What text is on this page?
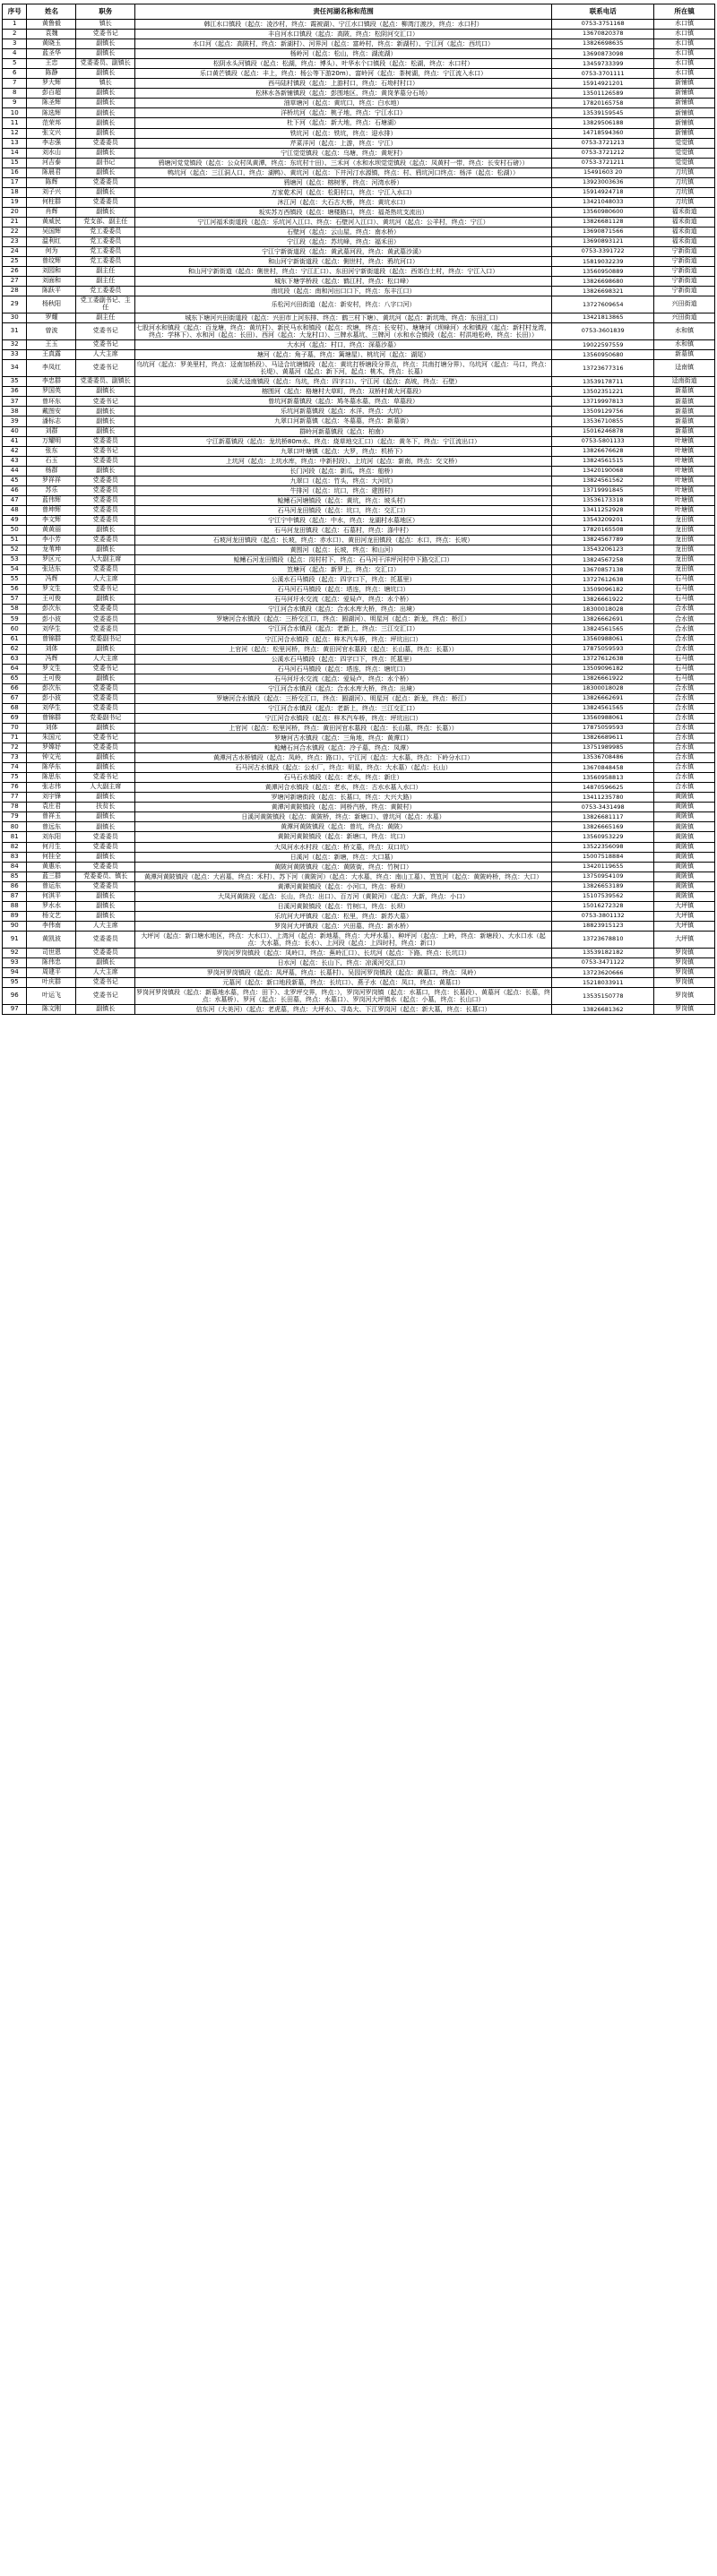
序号	姓名	职务	责任河湖名称和范围	联系电话	所在镇
1	黄鲁毅	镇长	韩江水口镇段（起点：凌沙村，终点：霞被湖）、宁江水口镇段（起点：柳湾汀渡沙，终点：水口村）	0753-3751168	水口镇
2	袁魏	党委书记	丰自河水口镇段（起点：高陂，终点：松阴河交汇口）	13670820378	水口镇
3	黄晓玉	副镇长	水口河（起点：高陂村，终点：新湖村）、河界河（起点：富岭村，终点：新湖村）、宁江河（起点：西坑口）	13826698635	水口镇
4	蓝圣华	副镇长	杨岭河（起点：松山，终点：湖流湖）	13690873098	水口镇
5	王忠	党委委员、副镇长	松阴水头河镇段（起点：松湖，终点：博头）、叶华水个口镇段（起点：松湖，终点：水口村）	13459733399	水口镇
6	陈静	副镇长	乐口黄芒镇段（起点：丰上，终点：杨公等下游20m）、富岭河（起点：茶树湖，终点：宁江流入水口）	0753-3701111	水口镇
7	罗大辉	镇长	西马陆村镇段（起点：上游村口，终点：石坳村村口）	15914921201	新铺镇
8	彭百超	副镇长	松林水各新铺镇段（起点：彭围地区，终点：黄岗茅墓分石场）	13501126589	新铺镇
9	陈圣辉	副镇长	油草塘河（起点：黄坑口，终点：白水地）	17820165758	新铺镇
10	陈选辉	副镇长	洋桥坑河（起点：桃子地，终点：宁江水口）	13539159545	新铺镇
11	范荣邦	副镇长	杜下河（起点：新大地，终点：石塘湖）	13829506188	新铺镇
12	张文兴	副镇长	铁坑河（起点：铁坑，终点：迎水排）	14718594360	新铺镇
13	李志强	党委委员	芹菜洋河（起点：上游，终点：宁江）	0753-3721213	觉觉镇
14	刘水山	副镇长	宁江觉觉镇段（起点：乌塘，终点：黄坭村）	0753-3721212	觉觉镇
15	河吉泰	副书记	鸦塘河觉觉镇段（起点：公众村凤黄潭，终点：东坑村十田）、三禾河（水和水坝觉觉镇段（起点：凤黄村一带，终点：长安村石磅））	0753-3721211	觉觉镇
16	陈晨君	副镇长	鸭坑河（起点：三江洞人口，终点：湖鸭）、黄坑河（起点：下井河汀水源镇，终点：村、鸦坑河口终点：杨洋（起点：松湖））	15491603 20	刀坑镇
17	陈辉	党委委员	鸦塘河（起点：榕树茅，终点：河湾水桥）	13923003636	刀坑镇
18	刘子兴	副镇长	万家乾术河（起点：松阳村口，终点：宁江入水口）	15914924718	刀坑镇
19	何柱群	党委委员	沐江河（起点：大石古大桥，终点：黄坑水口）	13421048033	刀坑镇
20	肖辉	副镇长	坂实苏万西镇段（起点：塘楼路口，终点：福尧热坑支流出）	13560980600	福禾街道
21	黄威民	党支部、副主任	宁江河福禾街道段（起点：乐坑河入江口、终点：石壁河入江口）、黄坑河（起点：公羊村，终点：宁江）	13826681128	福禾街道
22	吴国辉	党工委委员	石壁河（起点：云山屋，终点：南水桥）	13690871566	福禾街道
23	温利红	党工委委员	宁江段（起点：苏坑峰，终点：福禾田）	13690893121	福禾街道
24	何为	党工委委员	宁江宁新街道段（起点：黄武墓河段，终点：黄武墓沙溪）	0753-3391722	宁新街道
25	曾纹辉	党工委委员	和山河宁新街道段（起点：側世村，终点：鸦坑河口）	15819032239	宁新街道
26	刘园和	副主任	和山河宁新街道（起点：側世村，终点：宁江汇口）、东田河宁新街道段（起点：西郊白土村，终点：宁江入口）	13560950889	宁新街道
27	刘面和	副主任	城东下塘学桥段（起点：鹤江村，终点：松口峰）	13826698680	宁新街道
28	陈跃平	党工委委员	南坑段（起点：南和河出口口下，终点：东丰江口）	13826698321	宁新街道
29	杨秋阳	党工委副书记、主任	乐松河兴田街道（起点：新安村，终点：八字口河）	13727609654	兴田街道
30	罗耀	副主任	城东下塘河兴田街道段（起点：兴田市上河东排、终点：鹤三村下塘）、黄坑河（起点：新坑坳、终点：东田汇口）	13421813865	兴田街道
31	曾波	党委书记	七股河水和镇段（起点：百龙塘，终点：黄坑村）、新民马水和镇段（起点：坎塘，终点：长安村）、塘塘河（坝峰河）水和镇段（起点：新村村龙湾，终点：学林下）、水和河（起点：长田）、西河（起点：大龙村口）、三牌水墓坑、三牌河（水和水合镇段（起点：村洪地松岭，终点：长田））	0753-3601839	水和镇
32	王玉	党委书记	大水河（起点：村口，终点：深墓沙墓）	19022597559	水和镇
33	王真露	人大主席	塘河（起点：角子墓，终点：篱塘屋）、桃坑河（起点：湖尾）	13560950680	新墓镇
34	李凤红	党委书记	乌坑河（起点：罗美里村，终点：迳南加桥段）、马迳合坑塘镇段（起点：黄坑打桥塘段分界点，终点：共南打塘分界）、乌坑河（起点：马口，终点：长堤）、黄墓河（起点：新下河，起点：桃木，终点：长墓）	13723677316	迳南镇
35	李忠群	党委委员、副镇长	公溪大迳南镇段（起点：乌坑，终点：四字口）、宁江河（起点：高坡，终点：石壁）	13539178711	迳南街道
36	罗国英	副镇长	榕围河（起点：格塘村大草町，终点：双桥村黄大河墓段）	13502351221	新墓镇
37	曾环东	党委书记	曾坑河新墓镇段（起点：鸠冬墓水墓，终点：草墓段）	13719997813	新墓镇
38	戴图安	副镇长	乐坑河新墓镇段（起点：水洋，终点：大坑）	13509129756	新墓镇
39	潘标志	副镇长	九翠口河新墓镇（起点：冬墓墓，终点：新墓街）	13536710855	新墓镇
40	刘群	副镇长	群岭河新墓镇段（起点：柏南）	15016246878	新墓镇
41	万耀明	党委委员	宁江新墓镇段（起点：龙坑桥80m水、终点：烧草地交汇口）（起点：黄冬下，终点：宁江流出口）	0753-5801133	叶塘镇
42	张东	党委书记	九翠口叶塘镇（起点：大罗，终点：机桥下）	13826676628	叶塘镇
43	石玉	党委委员	上坑河（起点：上坑水库，终点：中新村段）、上坑河（起点：新南，终点：交文桥）	13824561515	叶塘镇
44	杨群	副镇长	长门河段（起点：新瓜，终点：船桥）	13420190068	叶塘镇
45	罗祥祥	党委委员	九翠口（起点：竹头，终点：大河坑）	13824561562	叶塘镇
46	苏乐	党委委员	牛排河（起点：坑口，终点：建围村）	13719991845	叶塘镇
47	蓝伟辉	党委委员	鲶鳍石河塘镇段（起点：黄坑，终点：坡头村）	13536173318	叶塘镇
48	曾坤辉	党委委员	石马河龙田镇段（起点：坑口，终点：交汇口）	13411252928	叶塘镇
49	李文辉	党委委员	宁江宁中镇段（起点：中水，终点：龙湖村水墓地区）	13543209201	龙田镇
50	黄黄丽	副镇长	石马河龙田镇段（起点：石墓村，终点：涤中村）	17820165508	龙田镇
51	李小芳	党委委员	石坡河龙田镇段（起点：长坡，终点：赤水口）、黄田河龙田镇段（起点：水口，终点：长坡）	13824567789	龙田镇
52	龙苇坤	副镇长	黄围河（起点：长坡，终点：和山河）	13543206123	龙田镇
53	罗区元	人大副主席	鲶鳍石河龙田镇段（起点：岗村村下，终点：石马河干洋坪河村中下路交汇口）	13824567258	龙田镇
54	张达东	党委委员	笪塘河（起点：新罗上，终点：交汇口）	13670857138	龙田镇
55	冯辉	人大主席	公溪水石马镇段（起点：四字口下，终点：托墓里）	13727612638	石马镇
56	罗文生	党委书记	石马河石马镇段（起点：塔连，终点：塘坑口）	13509096182	石马镇
57	王可俊	副镇长	石马河圩水交流（起点：爱局卢，终点：水个桥）	13826661922	石马镇
58	彭次东	党委委员	宁江河合水镇段（起点：合水水库大桥，终点：出境）	18300018028	合水镇
59	彭小波	党委委员	罗塘河合水镇段（起点：三桥交汇口，终点：圆湖河）、明星河（起点：新龙，终点：桥江）	13826662691	合水镇
60	刘华生	党委委员	宁江河合水镇段（起点：老新上，终点：三江交汇口）	13824561565	合水镇
61	曾锦群	党委副书记	宁江河合水镇段（起点：梓木汽车桥，终点：坪坑出口）	13560988061	合水镇
62	刘体	副镇长	上官河（起点：松里河桥，终点：黄田河官水墓段（起点：长山墓，终点：长墓））	17875059593	合水镇
63	冯辉	人大主席	公溪水石马镇段（起点：四字口下，终点：托墓里）	13727612638	石马镇
64	罗文生	党委书记	石马河石马镇段（起点：塔连，终点：塘坑口）	13509096182	石马镇
65	王可俊	副镇长	石马河圩水交流（起点：爱局卢，终点：水个桥）	13826661922	石马镇
66	彭次东	党委委员	宁江河合水镇段（起点：合水水库大桥，终点：出境）	18300018028	合水镇
67	彭小波	党委委员	罗塘河合水镇段（起点：三桥交汇口，终点：圆湖河）、明星河（起点：新龙，终点：桥江）	13826662691	合水镇
68	刘华生	党委委员	宁江河合水镇段（起点：老新上，终点：三江交汇口）	13824561565	合水镇
69	曾锦群	党委副书记	宁江河合水镇段（起点：梓木汽车桥，终点：坪坑出口）	13560988061	合水镇
70	刘体	副镇长	上官河（起点：松里河桥，终点：黄田河官水墓段（起点：长山墓，终点：长墓））	17875059593	合水镇
71	朱国元	党委书记	罗塘河古水镇段（起点：三角地，终点：黄潭口）	13826689611	合水镇
72	罗嫦妤	党委委员	鲶鳍石河合水镇段（起点：冷子墓，终点：凤潭）	13751989985	合水镇
73	钟文光	副镇长	黄潭河古水桥镇段（起点：凤岭，终点：路口）、宁江河（起点：大水墓，终点：下岭分水口）	13536708486	合水镇
74	陈华东	副镇长	石马河古水镇段（起点：公水厂，终点：明星，终点：大水墓）（起点：长山）	13670848458	合水镇
75	陈思东	党委书记	石马石水镇段（起点：老水，终点：新庄）	13560958813	合水镇
76	张志伟	人大副主席	黄潭河合水镇段（起点：老水，终点：古水水墓入水口）	14870596625	合水镇
77	刘宇锋	副镇长	罗塘河新塘街段（起点：长墓口，终点：大兴大路）	13411235780	黄陂镇
78	袁庄君	扶贫长	黄潭河黄陂镇段（起点：网桥汽桥，终点：黄陂村）	0753-3431498	黄陂镇
79	曾祥玉	副镇长	日溪河黄陂镇段（起点：黄陂桥，终点：新塘口）、曾坑河（起点：水墓）	13826681117	黄陂镇
80	曾远东	副镇长	黄潭河黄陂镇段（起点：曾坑，终点：黄陂）	13826665169	黄陂镇
81	刘东阳	党委委员	黄陂河黄陂镇段（起点：新塘口，终点：坑口）	13560953229	黄陂镇
82	何月生	党委委员	大凤河水水村段（起点：桥文墓，终点：双口坑）	13522356098	黄陂镇
83	何挂全	副镇长	日溪河（起点：新塘，终点：大口墓）	15007518884	黄陂镇
84	黄惠乐	党委委员	黄陂河黄陂镇段（起点：黄陂街，终点：竹树口）	13420119655	黄陂镇
85	蓝三群	党委委员、镇长	黄潭河黄陂镇段（起点：大岩墓，终点：禾村）、苏下河（黄陂河）（起点：大水墓，终点：南山工墓）、笪笪河（起点：黄陂岭桥，终点：大口）	13750954109	黄陂镇
86	曾运东	党委委员	黄潭河黄陂镇段（起点：小河口，终点：桥坝）	13826653189	黄陂镇
87	何淇平	副镇长	大凤河黄陂段（起点：长山，终点：出口）、百万河（黄陂河）（起点：大新，终点：小口）	15107539562	黄陂镇
88	罗水水	副镇长	日溪河黄陂镇段（起点：竹树口，终点：长坝）	15016272328	大坪镇
89	杨文艺	副镇长	乐坑河大坪镇段（起点：松里，终点：新苏大墓）	0753-3801132	大坪镇
90	李伟南	人大主席	罗岗河大坪镇段（起点：兴田墓，终点：新水桥）	18823915123	大坪镇
91	黄凯波	党委委员	大坪河（起点：新口塘水地区，终点：大水口）、上湾河（起点：新地墓，终点：大坪水墓）、种坪河（起点：上岭，终点：新塘段）、大水口水（起点：大水墓，终点：长水）、上河段（起点：上四时村，终点：新口）	13723678810	大坪镇
92	司世恩	党委委员	罗岗河罗岗镇段（起点：凤岭口，终点：蕉岭汇口）、长坑河（起点：下路，终点：长坑口）	13539182182	罗岗镇
93	陈伟忠	副镇长	日水河（起点：长山下，终点：凉溪河交汇口）	0753-3471122	罗岗镇
94	周建平	人大主席	罗岗河罗岗镇段（起点：凤坪墓，终点：长墓村）、吴园河罗岗镇段（起点：黄墓口，终点：凤岭）	13723620666	罗岗镇
95	叶庆群	党委书记	元墓河（起点：新口地段新墓，终点：长坑口）、燕子水（起点：凤口，终点：黄墓口）	15218033911	罗岗镇
96	叶运飞	党委书记	罗岗河罗岗镇段（起点：新墓地水墓，终点：田下）、北罗坪交界，终点：），罗岗河罗岗镇（起点：水墓口，终点：长墓段）、黄墓河（起点：长墓，终点：水墓桥）、罗河（起点：长田墓，终点：水墓口）、罗岗河大坪镇水（起点：小墓，终点：长山口）	13535150778	罗岗镇
97	陈文刚	副镇长	信东河（大美河）（起点：老虎墓，终点：大坪水）、寻岛大、下江罗岗河（起点：新大墓，终点：长墓口）	13826681362	罗岗镇
